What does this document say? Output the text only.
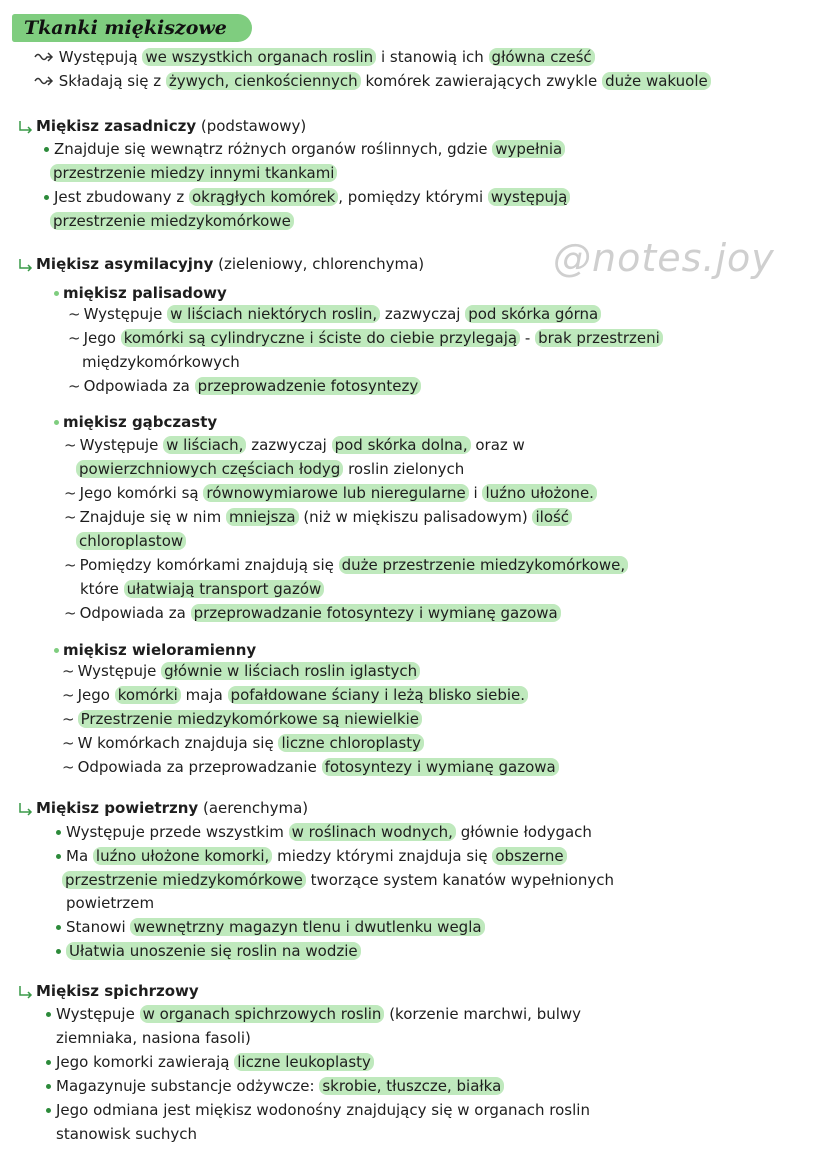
Tkanki miękiszowe
@notes.joy
Występują we wszystkich organach roslin i stanowią ich główna cześć
Składają się z żywych, cienkościennych komórek zawierających zwykle duże wakuole
Miękisz zasadniczy (podstawowy)
Znajduje się wewnątrz różnych organów roślinnych, gdzie wypełnia
przestrzenie miedzy innymi tkankami
Jest zbudowany z okrągłych komórek , pomiędzy którymi występują
przestrzenie miedzykomórkowe
Miękisz asymilacyjny (zieleniowy, chlorenchyma)
miękisz palisadowy
~ Występuje w liściach niektórych roslin, zazwyczaj pod skórka górna
~ Jego komórki są cylindryczne i ściste do ciebie przylegają - brak przestrzeni
międzykomórkowych
~ Odpowiada za przeprowadzenie fotosyntezy
miękisz gąbczasty
~ Występuje w liściach, zazwyczaj pod skórka dolna, oraz w
powierzchniowych częściach łodyg roslin zielonych
~ Jego komórki są równowymiarowe lub nieregularne i luźno ułożone.
~ Znajduje się w nim mniejsza (niż w miękiszu palisadowym) ilość
chloroplastow
~ Pomiędzy komórkami znajdują się duże przestrzenie miedzykomórkowe,
które ułatwiają transport gazów
~ Odpowiada za przeprowadzanie fotosyntezy i wymianę gazowa
miękisz wieloramienny
~ Występuje głównie w liściach roslin iglastych
~ Jego komórki maja pofałdowane ściany i leżą blisko siebie.
~ Przestrzenie miedzykomórkowe są niewielkie
~ W komórkach znajduja się liczne chloroplasty
~ Odpowiada za przeprowadzanie fotosyntezy i wymianę gazowa
Miękisz powietrzny (aerenchyma)
Występuje przede wszystkim w roślinach wodnych, głównie łodygach
Ma luźno ułożone komorki, miedzy którymi znajduja się obszerne
przestrzenie miedzykomórkowe tworzące system kanatów wypełnionych
powietrzem
Stanowi wewnętrzny magazyn tlenu i dwutlenku wegla
Ułatwia unoszenie się roslin na wodzie
Miękisz spichrzowy
Występuje w organach spichrzowych roslin (korzenie marchwi, bulwy
ziemniaka, nasiona fasoli)
Jego komorki zawierają liczne leukoplasty
Magazynuje substancje odżywcze: skrobie, tłuszcze, białka
Jego odmiana jest miękisz wodonośny znajdujący się w organach roslin
stanowisk suchych
